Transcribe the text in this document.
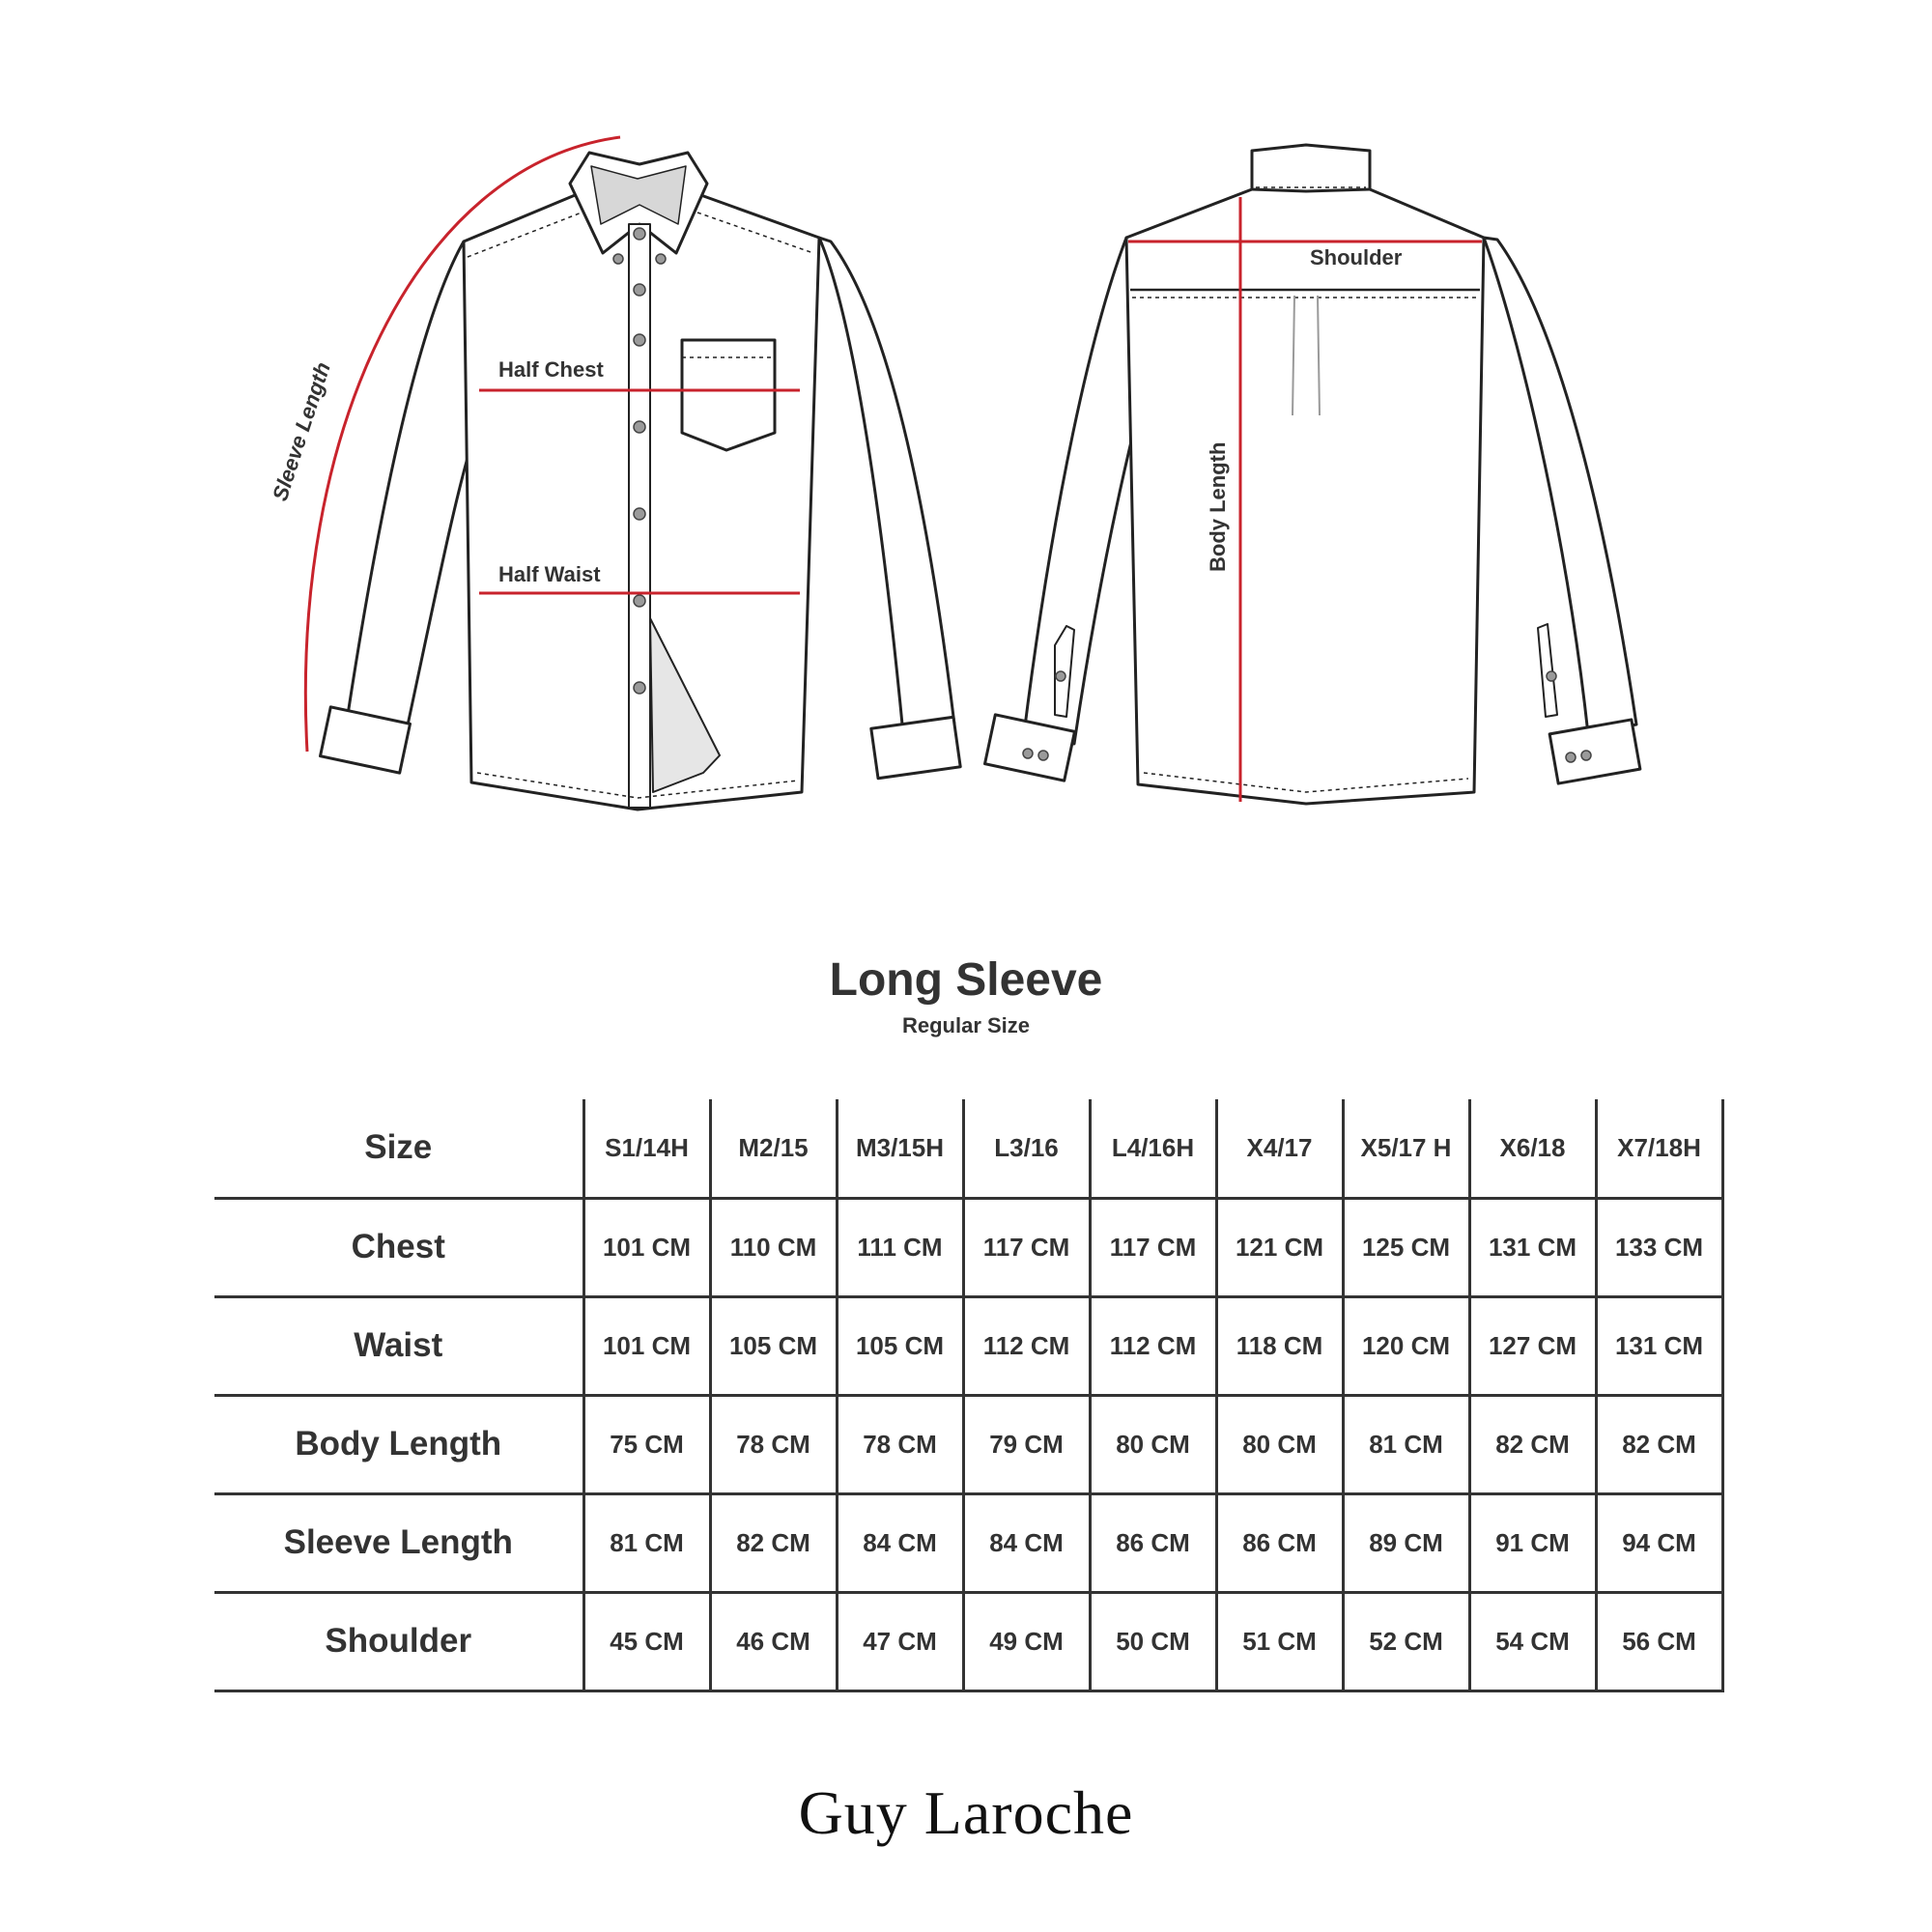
Half Chest
Half Waist
Sleeve Length
Shoulder
Body Length
Long Sleeve
Regular Size
Size	S1/14H	M2/15	M3/15H	L3/16	L4/16H	X4/17	X5/17 H	X6/18	X7/18H
Chest	101 CM	110 CM	111 CM	117 CM	117 CM	121 CM	125 CM	131 CM	133 CM
Waist	101 CM	105 CM	105 CM	112 CM	112 CM	118 CM	120 CM	127 CM	131 CM
Body Length	75 CM	78 CM	78 CM	79 CM	80 CM	80 CM	81 CM	82 CM	82 CM
Sleeve Length	81 CM	82 CM	84 CM	84 CM	86 CM	86 CM	89 CM	91 CM	94 CM
Shoulder	45 CM	46 CM	47 CM	49 CM	50 CM	51 CM	52 CM	54 CM	56 CM
Guy Laroche
